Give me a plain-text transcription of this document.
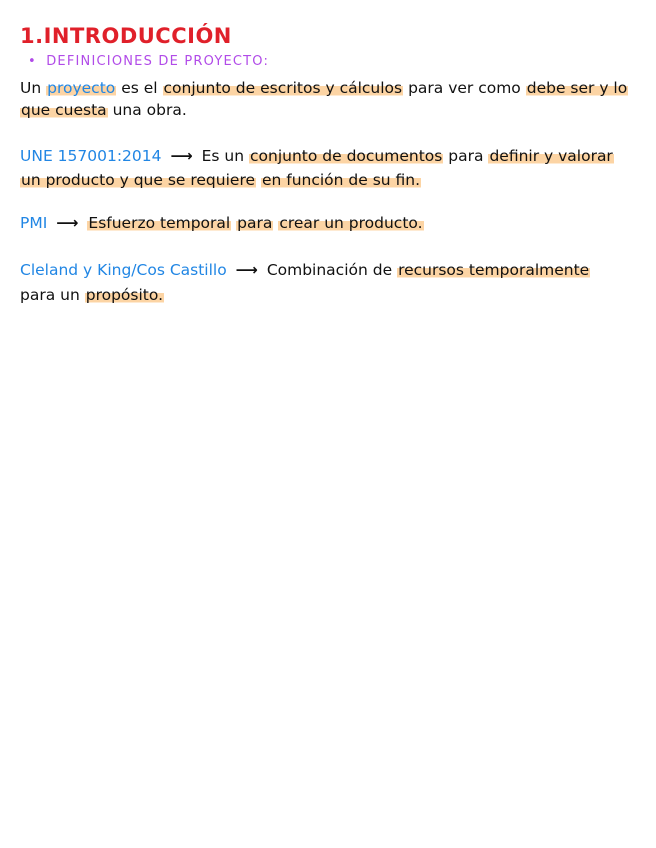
1.INTRODUCCIÓN
• DEFINICIONES DE PROYECTO:
Un proyecto es el conjunto de escritos y cálculos para ver como debe ser y lo
que cuesta una obra.
UNE 157001:2014 ⟶ Es un conjunto de documentos para definir y valorar
un producto y que se requiere en función de su fin.
PMI ⟶ Esfuerzo temporal para crear un producto.
Cleland y King/Cos Castillo ⟶ Combinación de recursos temporalmente
para un propósito.
